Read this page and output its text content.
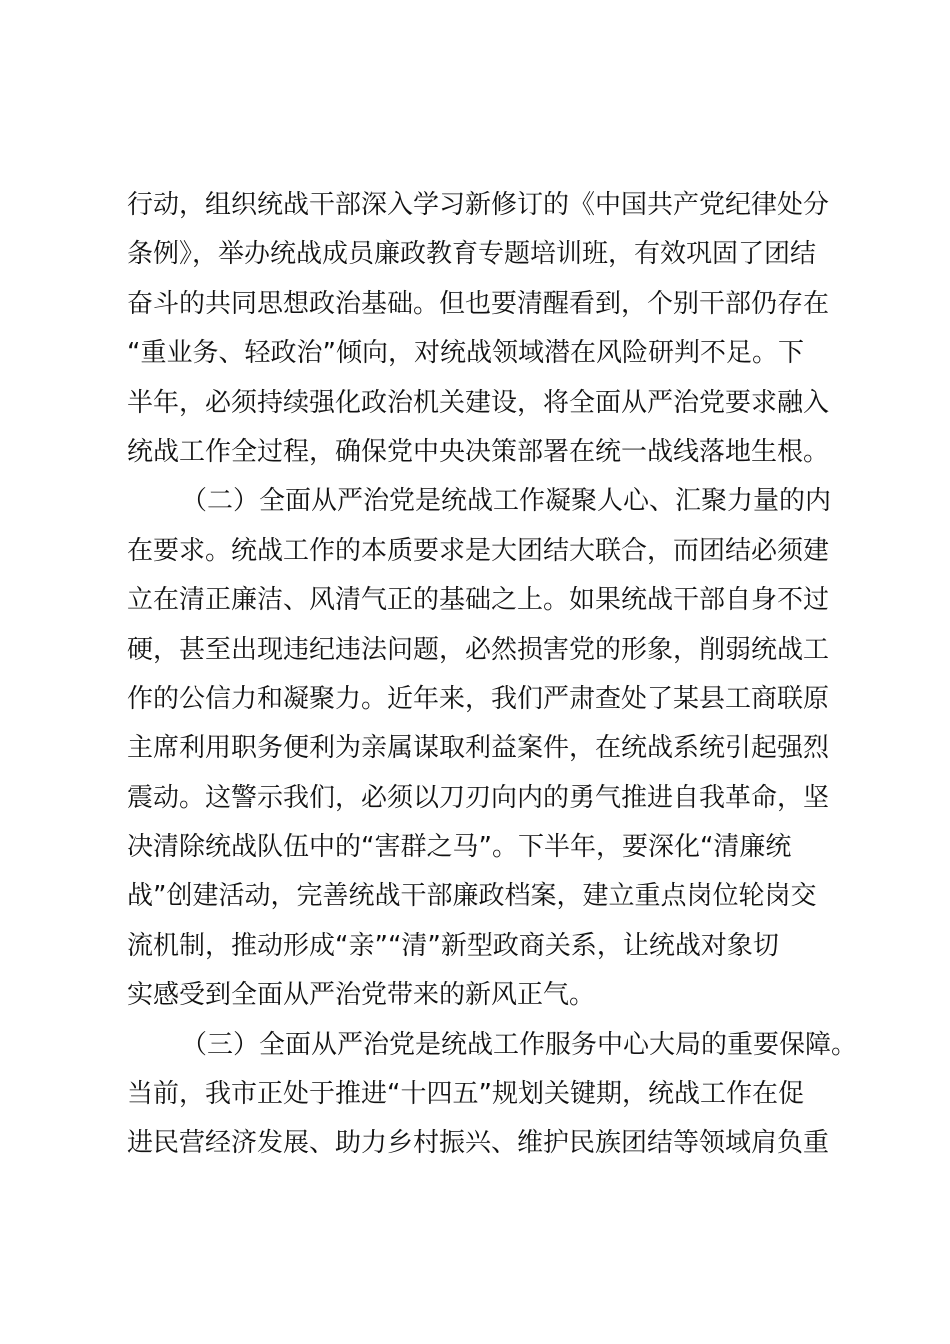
行动，组织统战干部深入学习新修订的《中国共产党纪律处分
条例》，举办统战成员廉政教育专题培训班，有效巩固了团结
奋斗的共同思想政治基础。但也要清醒看到，个别干部仍存在
“重业务、轻政治”倾向，对统战领域潜在风险研判不足。下
半年，必须持续强化政治机关建设，将全面从严治党要求融入
统战工作全过程，确保党中央决策部署在统一战线落地生根。
（二）全面从严治党是统战工作凝聚人心、汇聚力量的内
在要求。统战工作的本质要求是大团结大联合，而团结必须建
立在清正廉洁、风清气正的基础之上。如果统战干部自身不过
硬，甚至出现违纪违法问题，必然损害党的形象，削弱统战工
作的公信力和凝聚力。近年来，我们严肃查处了某县工商联原
主席利用职务便利为亲属谋取利益案件，在统战系统引起强烈
震动。这警示我们，必须以刀刃向内的勇气推进自我革命，坚
决清除统战队伍中的“害群之马”。下半年，要深化“清廉统
战”创建活动，完善统战干部廉政档案，建立重点岗位轮岗交
流机制，推动形成“亲”“清”新型政商关系，让统战对象切
实感受到全面从严治党带来的新风正气。
（三）全面从严治党是统战工作服务中心大局的重要保障。
当前，我市正处于推进“十四五”规划关键期，统战工作在促
进民营经济发展、助力乡村振兴、维护民族团结等领域肩负重
